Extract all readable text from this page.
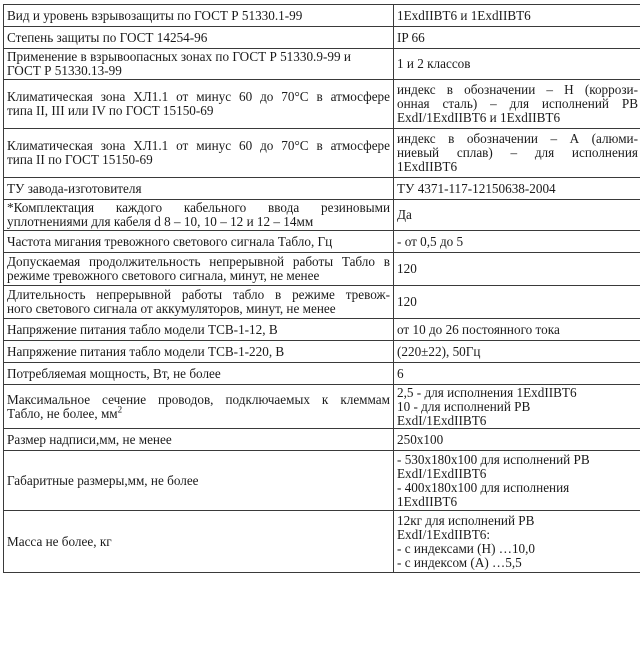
Вид и уровень взрывозащиты по ГОСТ Р 51330.1-99	1ExdIIBT6 и 1ExdIIBT6

Степень защиты по ГОСТ 14254-96	IP 66

Применение в взрывоопасных зонах по ГОСТ Р 51330.9-99 и
ГОСТ Р 51330.13-99	1 и 2 классов

Климатическая зона ХЛ1.1 от минус 60 до 70°С в атмосфере
типа II, III или IV по ГОСТ 15150-69	индекс в обозначении – Н (коррози-
онная сталь) – для исполнений РВ
ExdI/1ExdIIBT6 и 1ExdIIBT6

Климатическая зона ХЛ1.1 от минус 60 до 70°С в атмосфере
типа II по ГОСТ 15150-69	индекс в обозначении – А (алюми-
ниевый сплав) – для исполнения
1ExdIIBT6

ТУ завода-изготовителя	ТУ 4371-117-12150638-2004

*Комплектация каждого кабельного ввода резиновыми
уплотнениями для кабеля d 8 – 10, 10 – 12 и 12 – 14мм	Да

Частота мигания тревожного светового сигнала Табло, Гц	- от 0,5 до 5

Допускаемая продолжительность непрерывной работы Табло в
режиме тревожного светового сигнала, минут, не менее	120

Длительность непрерывной работы табло в режиме тревож-
ного светового сигнала от аккумуляторов, минут, не менее	120

Напряжение питания табло модели ТСВ-1-12, В	от 10 до 26 постоянного тока

Напряжение питания табло модели ТСВ-1-220, В	(220±22), 50Гц

Потребляемая мощность, Вт, не более	6

Максимальное сечение проводов, подключаемых к клеммам
Табло, не более, $мм^2$	2,5 - для исполнения 1ExdIIBT6
10 - для исполнений РВ
ExdI/1ExdIIBT6

Размер надписи,мм, не менее	250x100

Габаритные размеры,мм, не более	- 530x180x100 для исполнений РВ
ExdI/1ExdIIBT6
- 400x180x100 для исполнения
1ExdIIBT6

Масса не более, кг	12кг для исполнений РВ
ExdI/1ExdIIBT6:
- с индексами (Н) …10,0
- с индексом (А) …5,5
